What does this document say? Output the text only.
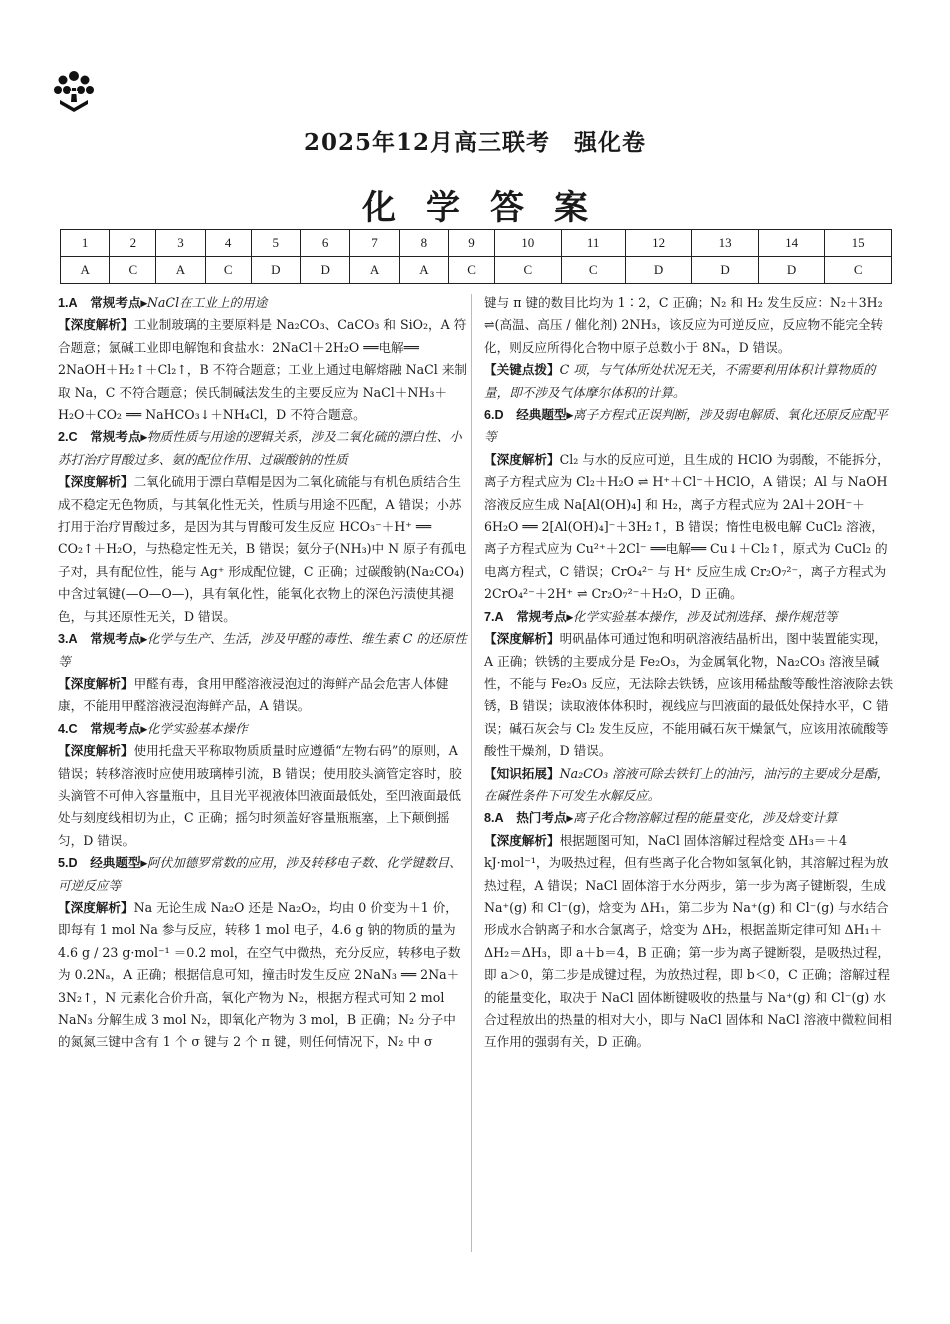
2025年12月高三联考　强化卷
化学答案
1	2	3	4	5	6	7	8	9	10	11	12	13	14	15
A	C	A	C	D	D	A	A	C	C	C	D	D	D	C

1.A  常规考点▸NaCl在工业上的用途

【深度解析】工业制玻璃的主要原料是 Na₂CO₃、CaCO₃ 和 SiO₂，A 符合题意；氯碱工业即电解饱和食盐水：2NaCl＋2H₂O ══电解══ 2NaOH＋H₂↑＋Cl₂↑，B 不符合题意；工业上通过电解熔融 NaCl 来制取 Na，C 不符合题意；侯氏制碱法发生的主要反应为 NaCl＋NH₃＋H₂O＋CO₂ ══ NaHCO₃↓＋NH₄Cl，D 不符合题意。

2.C  常规考点▸物质性质与用途的逻辑关系，涉及二氧化硫的漂白性、小苏打治疗胃酸过多、氨的配位作用、过碳酸钠的性质

【深度解析】二氧化硫用于漂白草帽是因为二氧化硫能与有机色质结合生成不稳定无色物质，与其氧化性无关，性质与用途不匹配，A 错误；小苏打用于治疗胃酸过多，是因为其与胃酸可发生反应 HCO₃⁻＋H⁺ ══ CO₂↑＋H₂O，与热稳定性无关，B 错误；氨分子(NH₃)中 N 原子有孤电子对，具有配位性，能与 Ag⁺ 形成配位键，C 正确；过碳酸钠(Na₂CO₄)中含过氧键(—O—O—)，具有氧化性，能氧化衣物上的深色污渍使其褪色，与其还原性无关，D 错误。

3.A  常规考点▸化学与生产、生活，涉及甲醛的毒性、维生素 C 的还原性等

【深度解析】甲醛有毒，食用甲醛溶液浸泡过的海鲜产品会危害人体健康，不能用甲醛溶液浸泡海鲜产品，A 错误。

4.C  常规考点▸化学实验基本操作

【深度解析】使用托盘天平称取物质质量时应遵循“左物右码”的原则，A 错误；转移溶液时应使用玻璃棒引流，B 错误；使用胶头滴管定容时，胶头滴管不可伸入容量瓶中，且目光平视液体凹液面最低处，至凹液面最低处与刻度线相切为止，C 正确；摇匀时须盖好容量瓶瓶塞，上下颠倒摇匀，D 错误。

5.D  经典题型▸阿伏加德罗常数的应用，涉及转移电子数、化学键数目、可逆反应等

【深度解析】Na 无论生成 Na₂O 还是 Na₂O₂，均由 0 价变为＋1 价，即每有 1 mol Na 参与反应，转移 1 mol 电子，4.6 g 钠的物质的量为 4.6 g / 23 g·mol⁻¹ ＝0.2 mol，在空气中微热，充分反应，转移电子数为 0.2Nₐ，A 正确；根据信息可知，撞击时发生反应 2NaN₃ ══ 2Na＋3N₂↑，N 元素化合价升高，氧化产物为 N₂，根据方程式可知 2 mol NaN₃ 分解生成 3 mol N₂，即氧化产物为 3 mol，B 正确；N₂ 分子中的氮氮三键中含有 1 个 σ 键与 2 个 π 键，则任何情况下，N₂ 中 σ

键与 π 键的数目比均为 1∶2，C 正确；N₂ 和 H₂ 发生反应：N₂＋3H₂ ⇌(高温、高压 / 催化剂) 2NH₃，该反应为可逆反应，反应物不能完全转化，则反应所得化合物中原子总数小于 8Nₐ，D 错误。

【关键点拨】C 项，与气体所处状况无关，不需要利用体积计算物质的量，即不涉及气体摩尔体积的计算。

6.D  经典题型▸离子方程式正误判断，涉及弱电解质、氧化还原反应配平等

【深度解析】Cl₂ 与水的反应可逆，且生成的 HClO 为弱酸，不能拆分，离子方程式应为 Cl₂＋H₂O ⇌ H⁺＋Cl⁻＋HClO，A 错误；Al 与 NaOH 溶液反应生成 Na[Al(OH)₄] 和 H₂，离子方程式应为 2Al＋2OH⁻＋6H₂O ══ 2[Al(OH)₄]⁻＋3H₂↑，B 错误；惰性电极电解 CuCl₂ 溶液，离子方程式应为 Cu²⁺＋2Cl⁻ ══电解══ Cu↓＋Cl₂↑，原式为 CuCl₂ 的电离方程式，C 错误；CrO₄²⁻ 与 H⁺ 反应生成 Cr₂O₇²⁻，离子方程式为 2CrO₄²⁻＋2H⁺ ⇌ Cr₂O₇²⁻＋H₂O，D 正确。

7.A  常规考点▸化学实验基本操作，涉及试剂选择、操作规范等

【深度解析】明矾晶体可通过饱和明矾溶液结晶析出，图中装置能实现，A 正确；铁锈的主要成分是 Fe₂O₃，为金属氧化物，Na₂CO₃ 溶液呈碱性，不能与 Fe₂O₃ 反应，无法除去铁锈，应该用稀盐酸等酸性溶液除去铁锈，B 错误；读取液体体积时，视线应与凹液面的最低处保持水平，C 错误；碱石灰会与 Cl₂ 发生反应，不能用碱石灰干燥氯气，应该用浓硫酸等酸性干燥剂，D 错误。

【知识拓展】Na₂CO₃ 溶液可除去铁钉上的油污，油污的主要成分是酯，在碱性条件下可发生水解反应。

8.A  热门考点▸离子化合物溶解过程的能量变化，涉及焓变计算

【深度解析】根据题图可知，NaCl 固体溶解过程焓变 ΔH₃＝＋4 kJ·mol⁻¹，为吸热过程，但有些离子化合物如氢氧化钠，其溶解过程为放热过程，A 错误；NaCl 固体溶于水分两步，第一步为离子键断裂，生成 Na⁺(g) 和 Cl⁻(g)，焓变为 ΔH₁，第二步为 Na⁺(g) 和 Cl⁻(g) 与水结合形成水合钠离子和水合氯离子，焓变为 ΔH₂，根据盖斯定律可知 ΔH₁＋ΔH₂＝ΔH₃，即 a＋b＝4，B 正确；第一步为离子键断裂，是吸热过程，即 a＞0，第二步是成键过程，为放热过程，即 b＜0，C 正确；溶解过程的能量变化，取决于 NaCl 固体断键吸收的热量与 Na⁺(g) 和 Cl⁻(g) 水合过程放出的热量的相对大小，即与 NaCl 固体和 NaCl 溶液中微粒间相互作用的强弱有关，D 正确。
